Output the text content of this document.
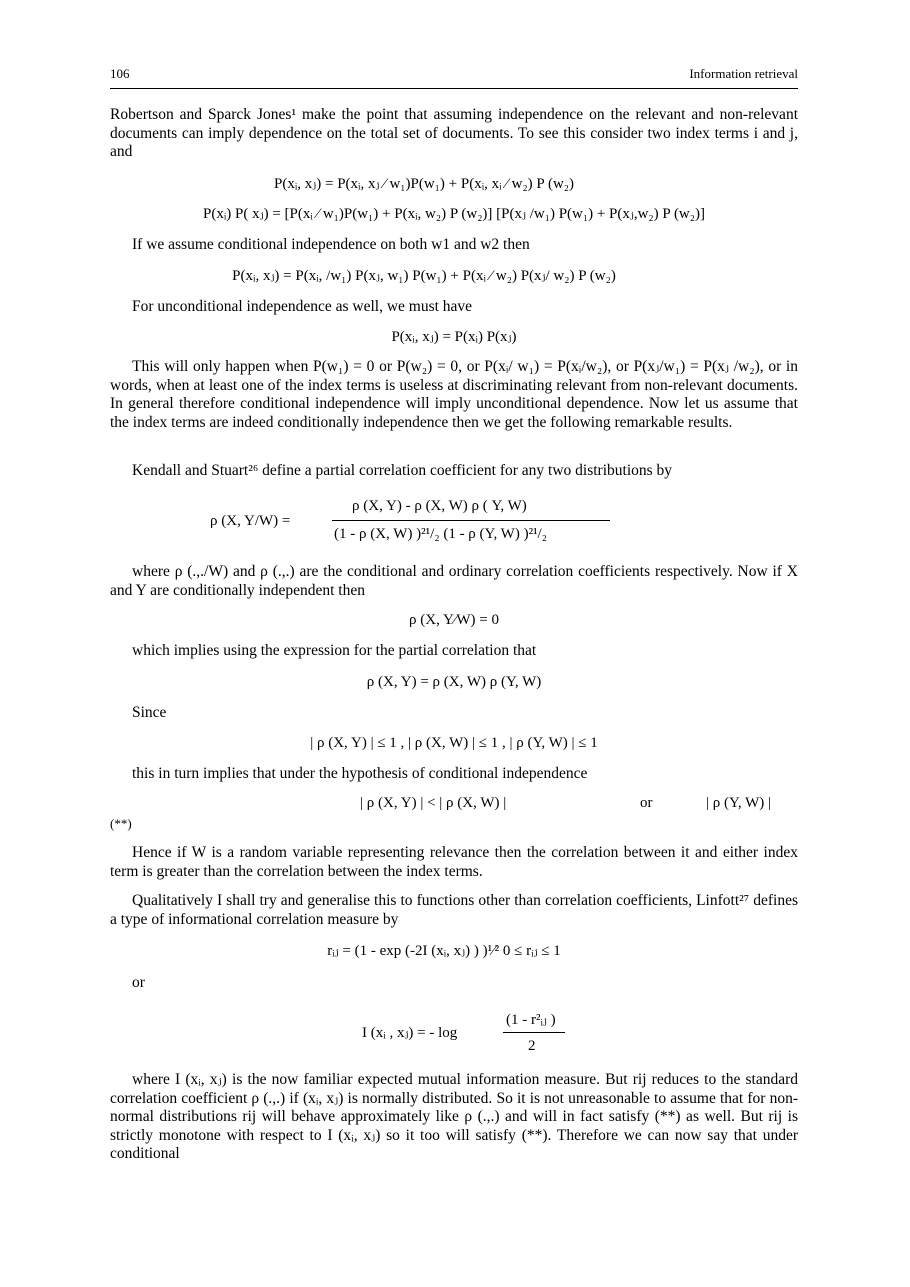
106	Information retrieval
Robertson and Sparck Jones¹ make the point that assuming independence on the relevant and non-relevant documents can imply dependence on the total set of documents. To see this consider two index terms i and j, and
P(xᵢ, xⱼ) = P(xᵢ, xⱼ ⁄ w₁)P(w₁) + P(xᵢ, xᵢ ⁄ w₂) P (w₂)
P(xᵢ) P( xⱼ) = [P(xᵢ ⁄ w₁)P(w₁) + P(xᵢ, w₂) P (w₂)] [P(xⱼ /w₁) P(w₁) + P(xⱼ,w₂) P (w₂)]
If we assume conditional independence on both w1 and w2 then
P(xᵢ, xⱼ) = P(xᵢ, /w₁) P(xⱼ, w₁) P(w₁) + P(xᵢ ⁄ w₂) P(xⱼ/ w₂) P (w₂)
For unconditional independence as well, we must have
P(xᵢ, xⱼ) = P(xᵢ) P(xⱼ)
This will only happen when P(w₁) = 0 or P(w₂) = 0, or P(xᵢ/ w₁) = P(xᵢ/w₂), or P(xⱼ/w₁) = P(xⱼ /w₂), or in words, when at least one of the index terms is useless at discriminating relevant from non-relevant documents. In general therefore conditional independence will imply unconditional dependence. Now let us assume that the index terms are indeed conditionally independence then we get the following remarkable results.
Kendall and Stuart²⁶ define a partial correlation coefficient for any two distributions by
ρ (X, Y/W) =
ρ (X, Y) - ρ (X, W) ρ ( Y, W)
(1 - ρ (X, W) )²¹/₂ (1 - ρ (Y, W) )²¹/₂
where ρ (.,./W) and ρ (.,.) are the conditional and ordinary correlation coefficients respectively. Now if X and Y are conditionally independent then
ρ (X, Y⁄W) = 0
which implies using the expression for the partial correlation that
ρ (X, Y) = ρ (X, W) ρ (Y, W)
Since
| ρ (X, Y) | ≤ 1 , | ρ (X, W) | ≤ 1 , | ρ (Y, W) | ≤ 1
this in turn implies that under the hypothesis of conditional independence
| ρ (X, Y) | < | ρ (X, W) |	or	| ρ (Y, W) |
(**)
Hence if W is a random variable representing relevance then the correlation between it and either index term is greater than the correlation between the index terms.
Qualitatively I shall try and generalise this to functions other than correlation coefficients, Linfott²⁷ defines a type of informational correlation measure by
rᵢⱼ = (1 - exp (-2I (xᵢ, xⱼ) ) )¹⁄² 0 ≤ rᵢⱼ ≤ 1
or
I (xᵢ , xⱼ) = - log
(1 - r²ᵢⱼ )
2
where I (xᵢ, xⱼ) is the now familiar expected mutual information measure. But rij reduces to the standard correlation coefficient ρ (.,.) if (xᵢ, xⱼ) is normally distributed. So it is not unreasonable to assume that for non-normal distributions rij will behave approximately like ρ (.,.) and will in fact satisfy (**) as well. But rij is strictly monotone with respect to I (xᵢ, xⱼ) so it too will satisfy (**). Therefore we can now say that under conditional
